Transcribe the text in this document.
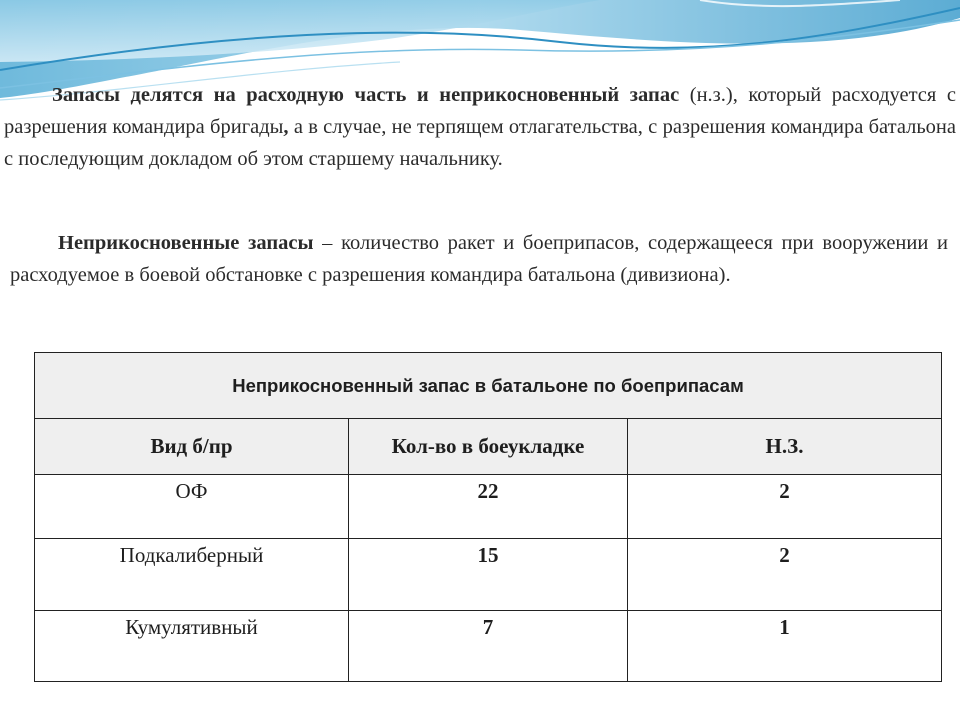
Запасы делятся на расходную часть и неприкосновенный запас (н.з.), который расходуется с разрешения командира бригады, а в случае, не терпящем отлагательства, с разрешения командира батальона с последующим докладом об этом старшему начальнику.

Неприкосновенные запасы – количество ракет и боеприпасов, содержащееся при вооружении и расходуемое в боевой обстановке с разрешения командира батальона (дивизиона).

Неприкосновенный запас в батальоне по боеприпасам		
Вид б/пр	Кол-во в боеукладке	Н.З.
ОФ	22	2
Подкалиберный	15	2
Кумулятивный	7	1
